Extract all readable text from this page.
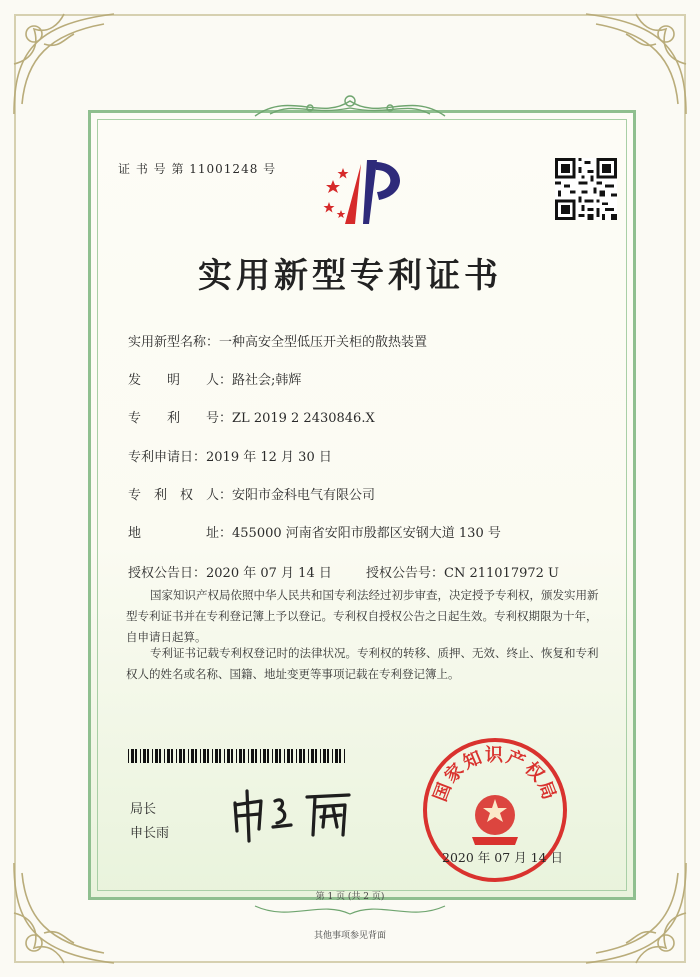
证 书 号 第 11001248 号
实用新型专利证书
实用新型名称：一种高安全型低压开关柜的散热装置
发　　明　　人：路社会;韩辉
专　　利　　号：ZL 2019 2 2430846.X
专利申请日：2019 年 12 月 30 日
专　利　权　人：安阳市金科电气有限公司
地　　　　　址：455000 河南省安阳市殷都区安钢大道 130 号
授权公告日：2020 年 07 月 14 日	授权公告号：CN 211017972 U
国家知识产权局依照中华人民共和国专利法经过初步审查，决定授予专利权，颁发实用新型专利证书并在专利登记簿上予以登记。专利权自授权公告之日起生效。专利权期限为十年，自申请日起算。
专利证书记载专利权登记时的法律状况。专利权的转移、质押、无效、终止、恢复和专利权人的姓名或名称、国籍、地址变更等事项记载在专利登记簿上。
局长
申长雨
国家知识产权局
2020 年 07 月 14 日
第 1 页 (共 2 页)
其他事项参见背面
